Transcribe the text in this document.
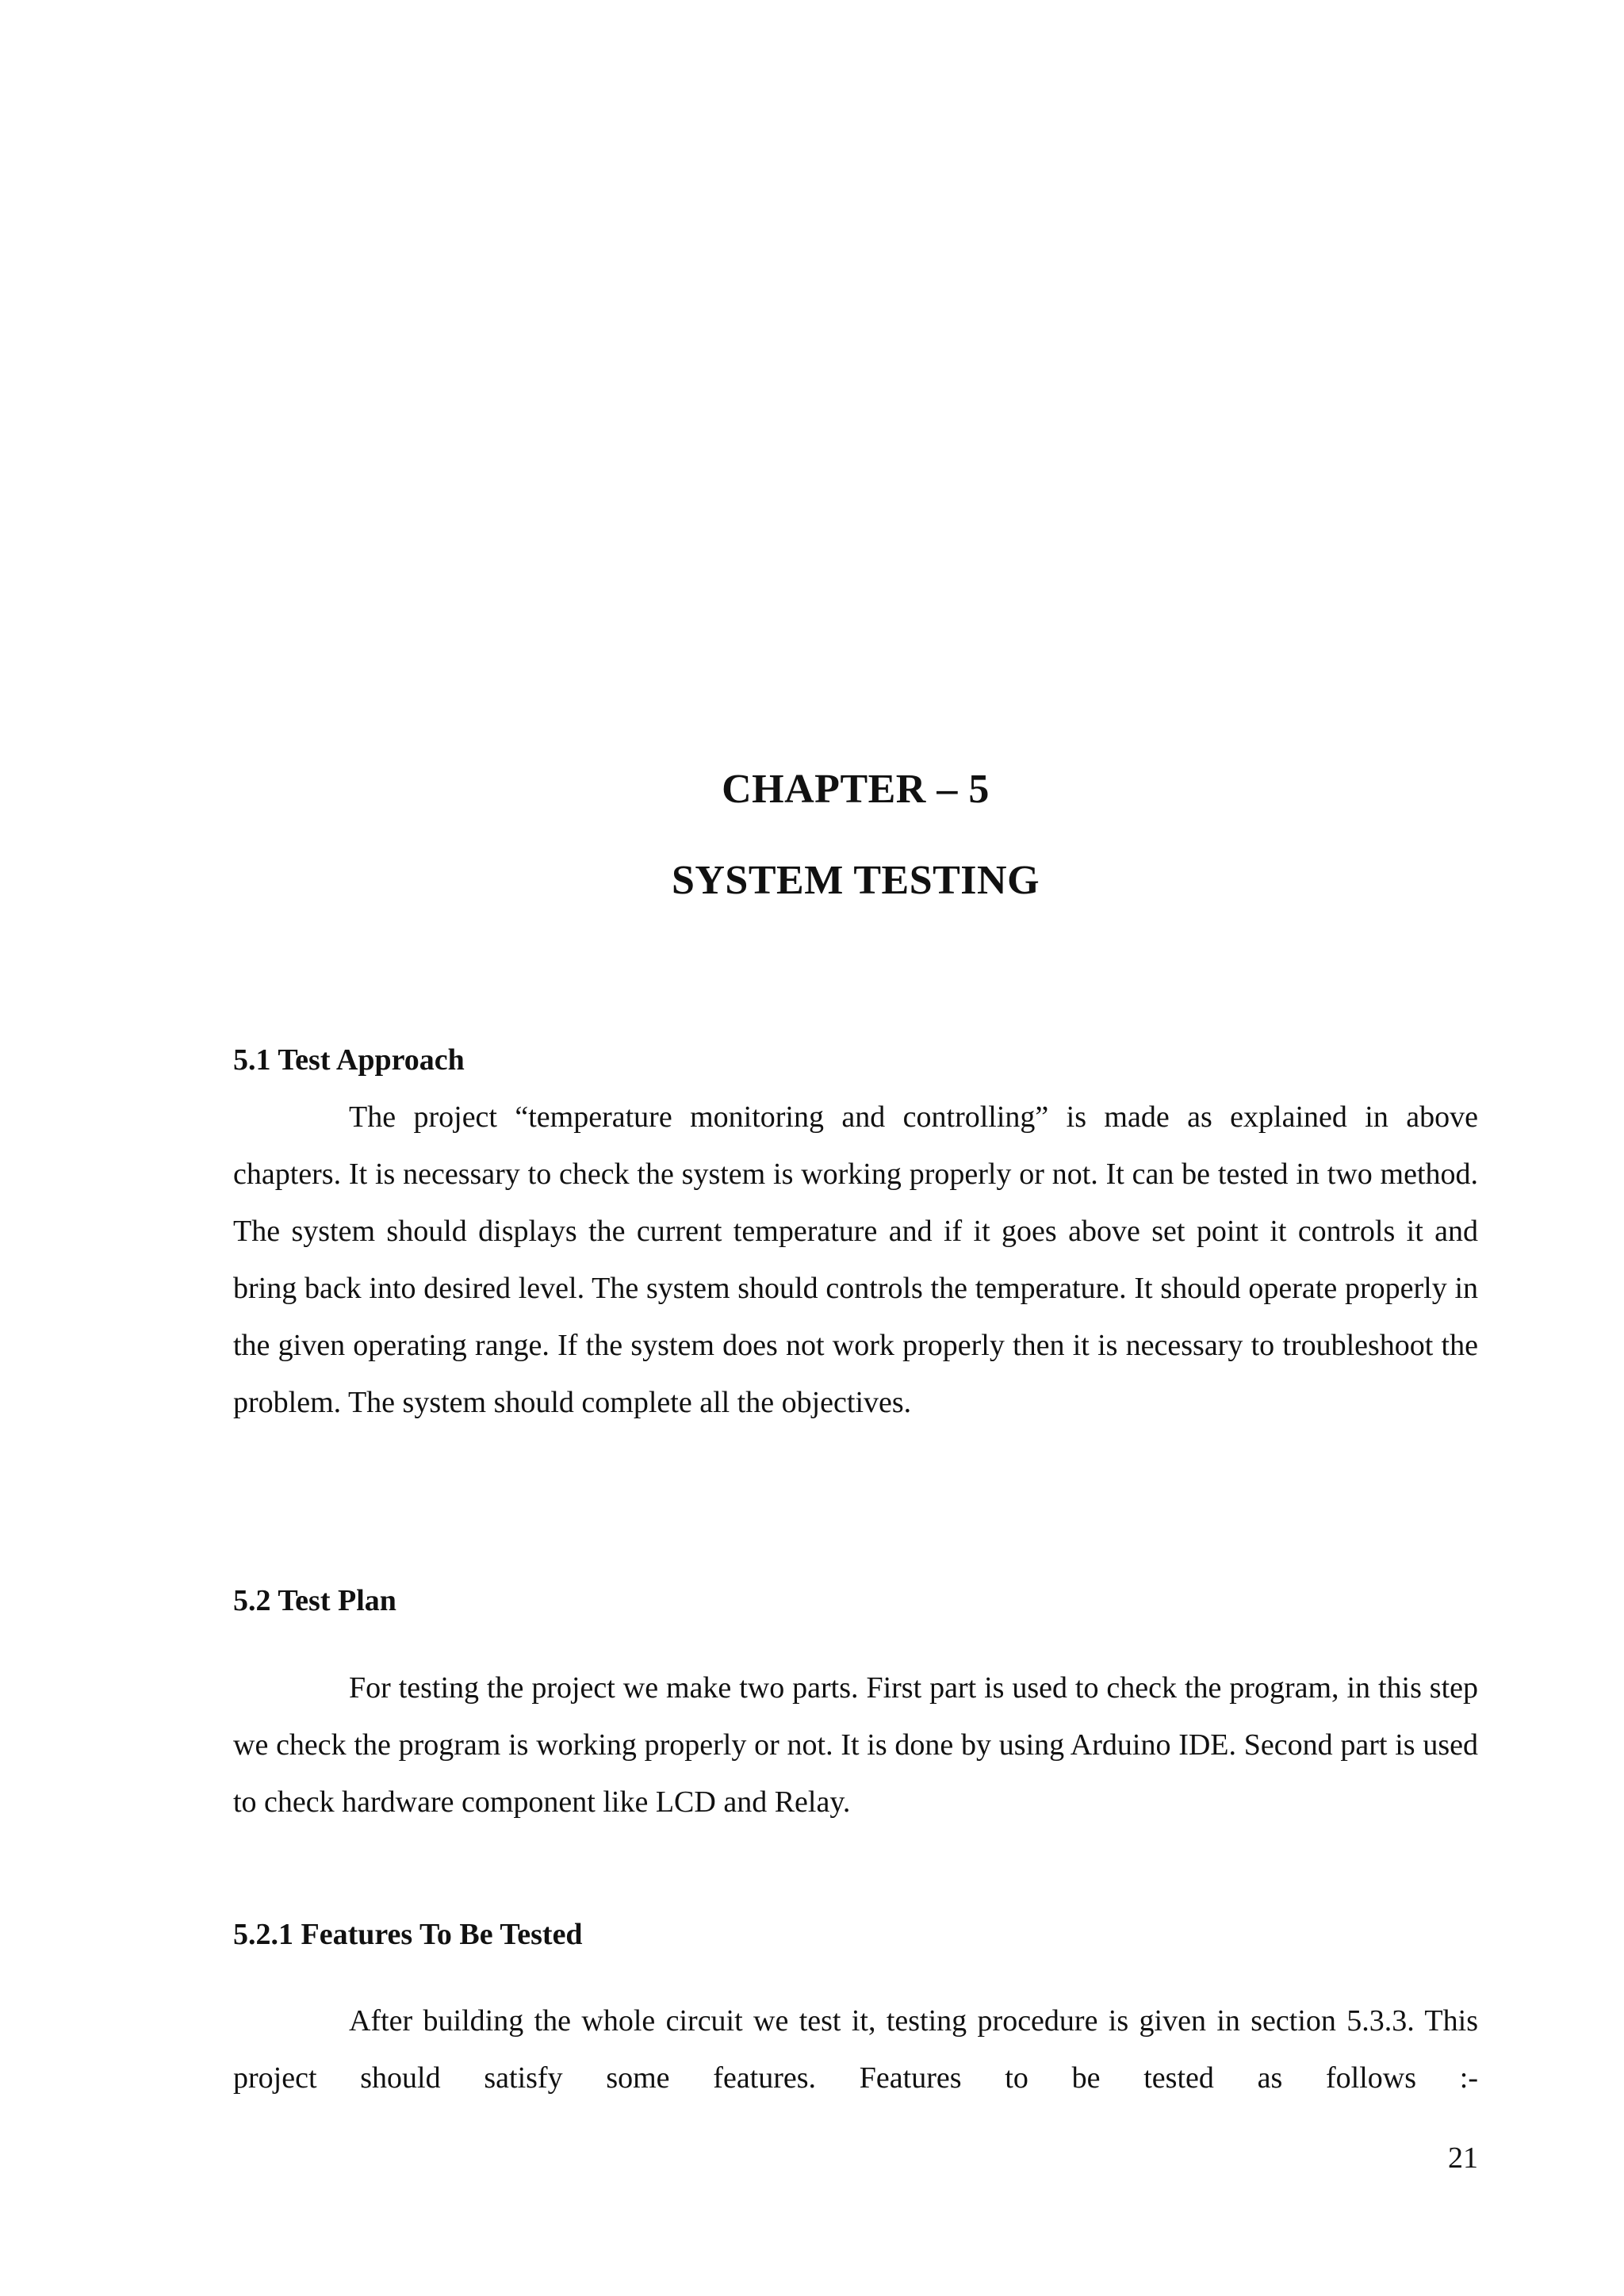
CHAPTER – 5
SYSTEM TESTING
5.1 Test Approach

The project “temperature monitoring and controlling” is made as explained in above chapters. It is necessary to check the system is working properly or not. It can be tested in two method. The system should displays the current temperature and if it goes above set point it controls it and bring back into desired level. The system should controls the temperature. It should operate properly in the given operating range. If the system does not work properly then it is necessary to troubleshoot the problem. The system should complete all the objectives.

5.2 Test Plan

For testing the project we make two parts. First part is used to check the program, in this step we check the program is working properly or not. It is done by using Arduino IDE. Second part is used to check hardware component like LCD and Relay.

5.2.1 Features To Be Tested

After building the whole circuit we test it, testing procedure is given in section 5.3.3. This project should satisfy some features. Features to be tested as follows :-

21
